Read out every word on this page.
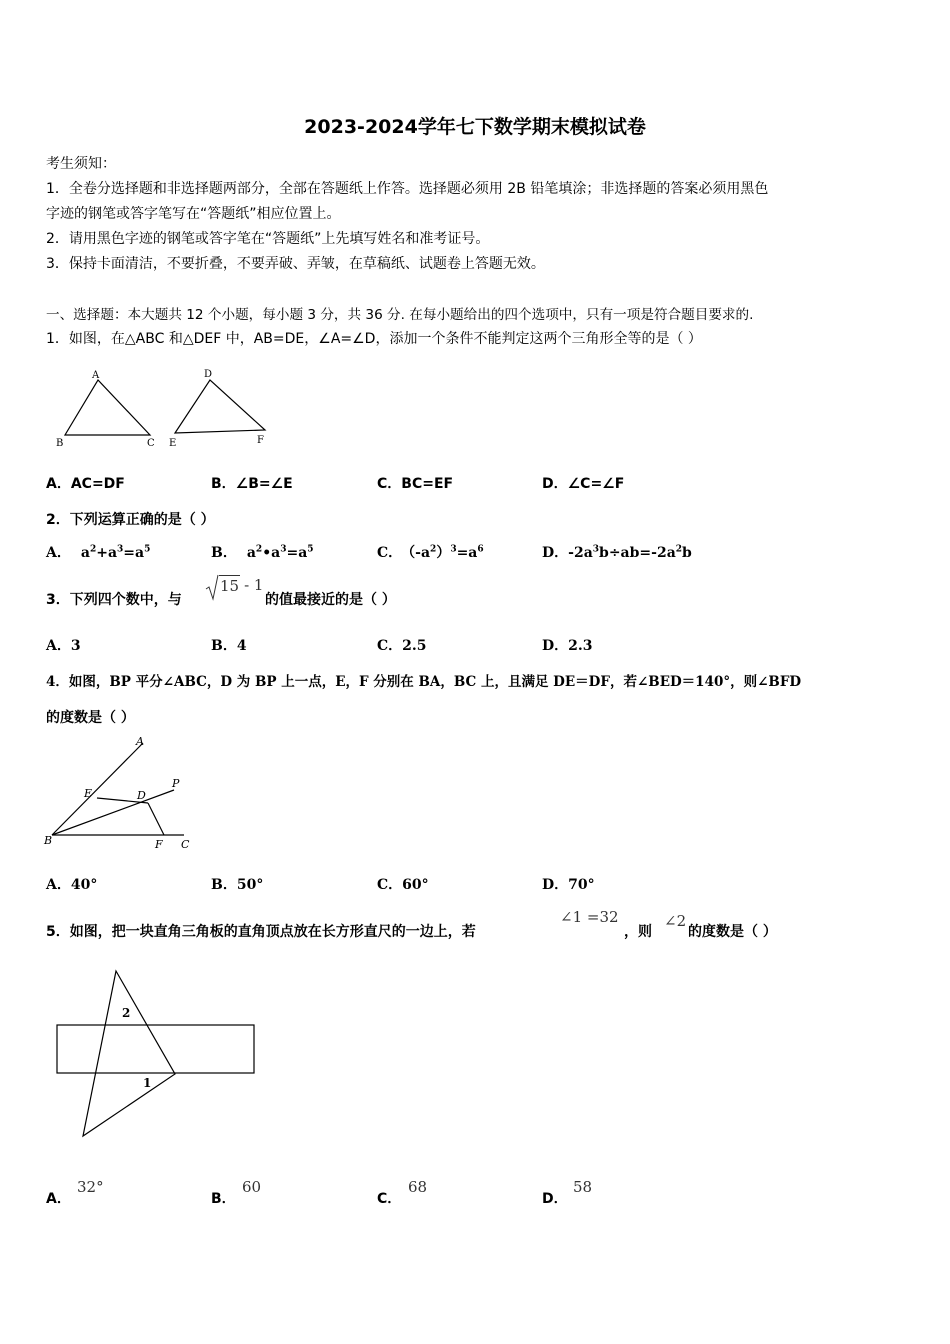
2023-2024学年七下数学期末模拟试卷
考生须知：
1．全卷分选择题和非选择题两部分，全部在答题纸上作答。选择题必须用 2B 铅笔填涂；非选择题的答案必须用黑色
字迹的钢笔或答字笔写在“答题纸”相应位置上。
2．请用黑色字迹的钢笔或答字笔在“答题纸”上先填写姓名和准考证号。
3．保持卡面清洁，不要折叠，不要弄破、弄皱，在草稿纸、试题卷上答题无效。
一、选择题：本大题共 12 个小题，每小题 3 分，共 36 分. 在每小题给出的四个选项中，只有一项是符合题目要求的.
1．如图，在△ABC 和△DEF 中，AB=DE，∠A=∠D，添加一个条件不能判定这两个三角形全等的是（ ）
A
B	C
D
E	F
A．AC=DF	B．∠B=∠E	C．BC=EF	D．∠C=∠F
2．下列运算正确的是（ ）
A． $a^2+a^3=a^5$	B． $a^2•a^3=a^5$	C． $(-a^2)^3=a^6$	D．$-2a^3b\div ab=-2a^2b$
3．下列四个数中，与
15 - 1
的值最接近的是（ ）
A．3	B．4	C．2.5	D．2.3
4．如图，BP 平分∠ABC，D 为 BP 上一点，E，F 分别在 BA，BC 上，且满足 DE＝DF，若∠BED＝140°，则∠BFD
的度数是（ ）
A
P
E	D
B	F C
A．40°	B．50°	C．60°	D．70°
5．如图，把一块直角三角板的直角顶点放在长方形直尺的一边上，若
∠1 =32
，则
∠2
的度数是（ ）
2
1
A．
32°
B．
60
C．
68
D．
58
